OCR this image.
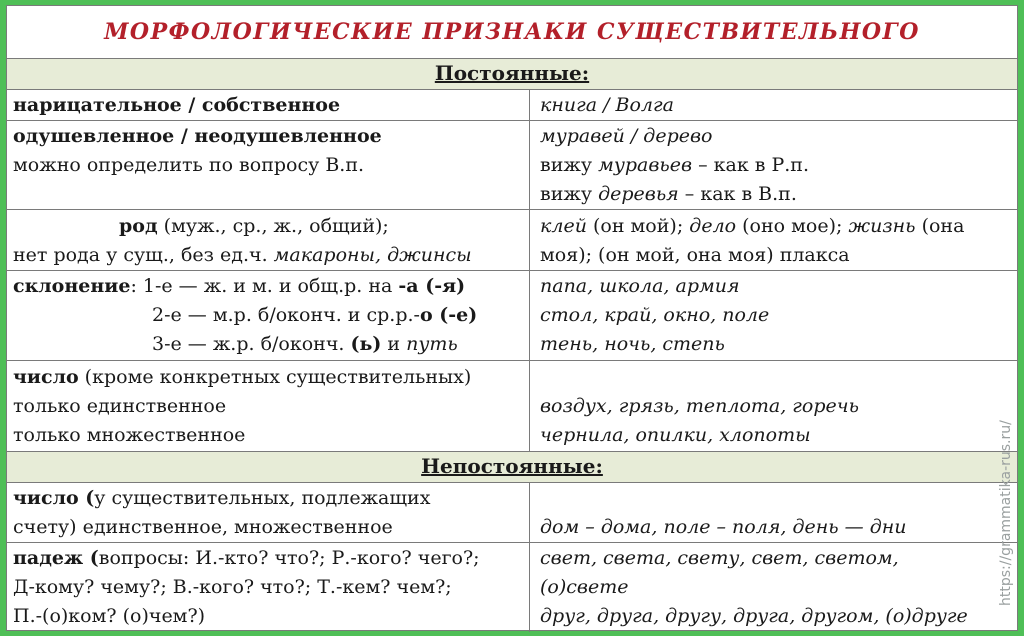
МОРФОЛОГИЧЕСКИЕ ПРИЗНАКИ СУЩЕСТВИТЕЛЬНОГО
Постоянные:
нарицательное / собственное	книга / Волга
одушевленное / неодушевленное
можно определить по вопросу В.п.
муравей / дерево
вижу муравьев – как в Р.п.
вижу деревья – как в В.п.
род (муж., ср., ж., общий);
нет рода у сущ., без ед.ч. макароны, джинсы
клей (он мой); дело (оно мое); жизнь (она
моя); (он мой, она моя) плакса
склонение: 1-е — ж. и м. и общ.р. на -а (-я)
2-е — м.р. б/оконч. и ср.р.-о (-е)
3-е — ж.р. б/оконч. (ь) и путь
папа, школа, армия
стол, край, окно, поле
тень, ночь, степь
число (кроме конкретных существительных)
только единственное
только множественное
воздух, грязь, теплота, горечь
чернила, опилки, хлопоты
Непостоянные:
число (у существительных, подлежащих
счету) единственное, множественное	дом – дома, поле – поля, день — дни
падеж (вопросы: И.-кто? что?; Р.-кого? чего?;
Д-кому? чему?; В.-кого? что?; Т.-кем? чем?;
П.-(о)ком? (о)чем?)
свет, света, свету, свет, светом,
(о)свете
друг, друга, другу, друга, другом, (о)друге
https://grammatika-rus.ru/
